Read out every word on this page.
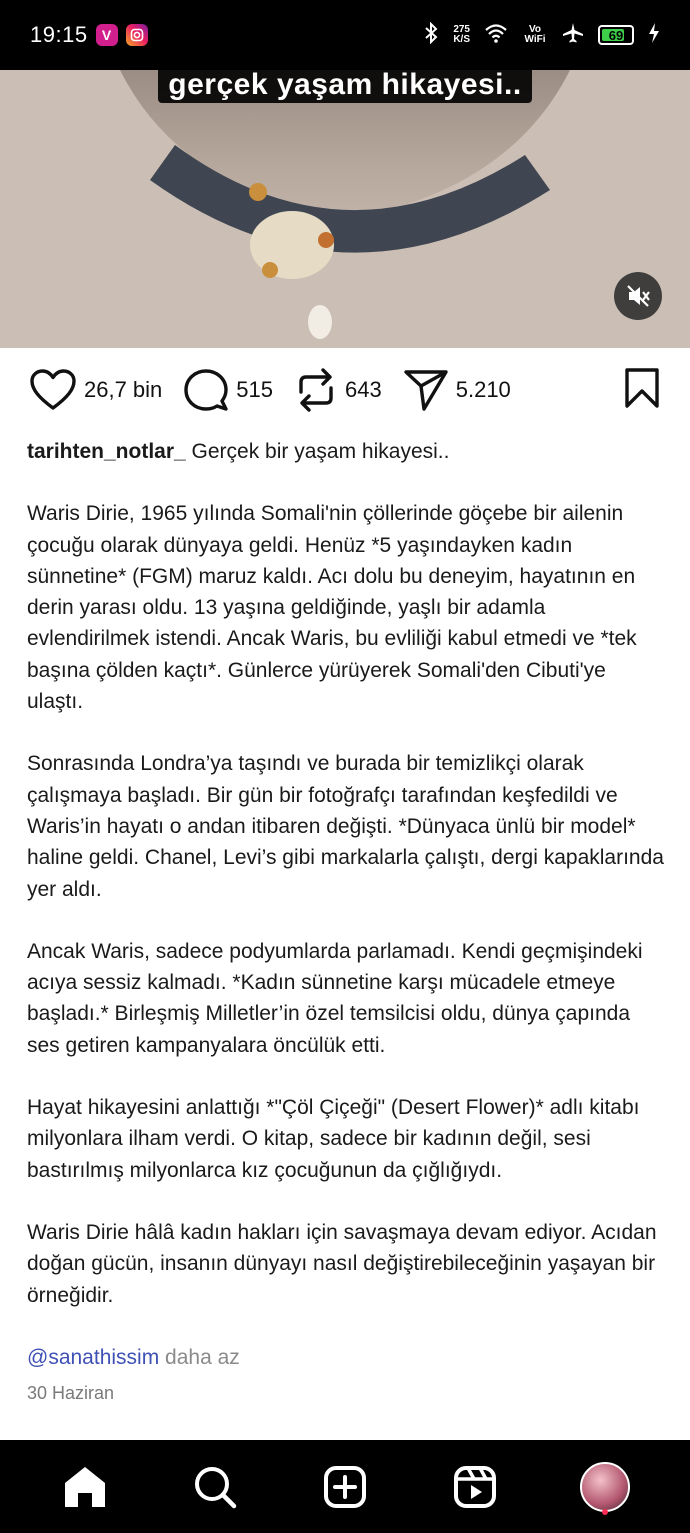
19:15	V	275
K/S
Vo WiFi	69
gerçek yaşam hikayesi..
26,7 bin	515	643	5.210

tarihten_notlar_ Gerçek bir yaşam hikayesi..

Waris Dirie, 1965 yılında Somali'nin çöllerinde göçebe bir ailenin çocuğu olarak dünyaya geldi. Henüz *5 yaşındayken kadın sünnetine* (FGM) maruz kaldı. Acı dolu bu deneyim, hayatının en derin yarası oldu. 13 yaşına geldiğinde, yaşlı bir adamla evlendirilmek istendi. Ancak Waris, bu evliliği kabul etmedi ve *tek başına çölden kaçtı*. Günlerce yürüyerek Somali'den Cibuti'ye ulaştı.

Sonrasında Londra’ya taşındı ve burada bir temizlikçi olarak çalışmaya başladı. Bir gün bir fotoğrafçı tarafından keşfedildi ve Waris’in hayatı o andan itibaren değişti. *Dünyaca ünlü bir model* haline geldi. Chanel, Levi’s gibi markalarla çalıştı, dergi kapaklarında yer aldı.

Ancak Waris, sadece podyumlarda parlamadı. Kendi geçmişindeki acıya sessiz kalmadı. *Kadın sünnetine karşı mücadele etmeye başladı.* Birleşmiş Milletler’in özel temsilcisi oldu, dünya çapında ses getiren kampanyalara öncülük etti.

Hayat hikayesini anlattığı *"Çöl Çiçeği" (Desert Flower)* adlı kitabı milyonlara ilham verdi. O kitap, sadece bir kadının değil, sesi bastırılmış milyonlarca kız çocuğunun da çığlığıydı.

Waris Dirie hâlâ kadın hakları için savaşmaya devam ediyor. Acıdan doğan gücün, insanın dünyayı nasıl değiştirebileceğinin yaşayan bir örneğidir.

@sanathissim daha az

30 Haziran
